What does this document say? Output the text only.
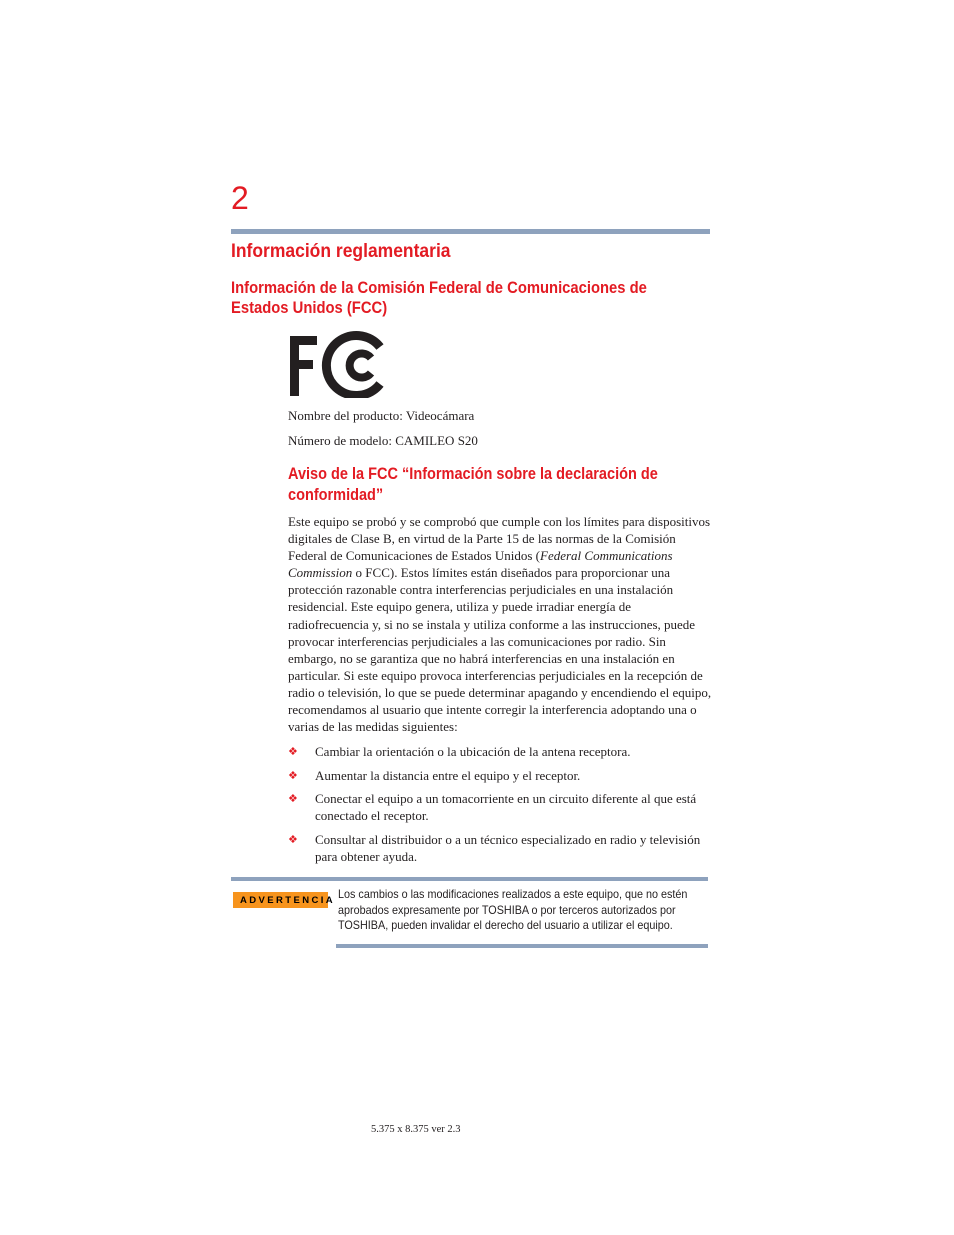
2
Información reglamentaria
Información de la Comisión Federal de Comunicaciones de Estados Unidos (FCC)

Nombre del producto: Videocámara

Número de modelo: CAMILEO S20

Aviso de la FCC “Información sobre la declaración de conformidad”

Este equipo se probó y se comprobó que cumple con los límites para dispositivos digitales de Clase B, en virtud de la Parte 15 de las normas de la Comisión Federal de Comunicaciones de Estados Unidos (Federal Communications Commission o FCC). Estos límites están diseñados para proporcionar una protección razonable contra interferencias perjudiciales en una instalación residencial. Este equipo genera, utiliza y puede irradiar energía de radiofrecuencia y, si no se instala y utiliza conforme a las instrucciones, puede provocar interferencias perjudiciales a las comunicaciones por radio. Sin embargo, no se garantiza que no habrá interferencias en una instalación en particular. Si este equipo provoca interferencias perjudiciales en la recepción de radio o televisión, lo que se puede determinar apagando y encendiendo el equipo, recomendamos al usuario que intente corregir la interferencia adoptando una o varias de las medidas siguientes:

❖ Cambiar la orientación o la ubicación de la antena receptora.
❖ Aumentar la distancia entre el equipo y el receptor.
❖ Conectar el equipo a un tomacorriente en un circuito diferente al que está conectado el receptor.
❖ Consultar al distribuidor o a un técnico especializado en radio y televisión para obtener ayuda.
ADVERTENCIA Los cambios o las modificaciones realizados a este equipo, que no estén aprobados expresamente por TOSHIBA o por terceros autorizados por TOSHIBA, pueden invalidar el derecho del usuario a utilizar el equipo.

5.375 x 8.375 ver 2.3
